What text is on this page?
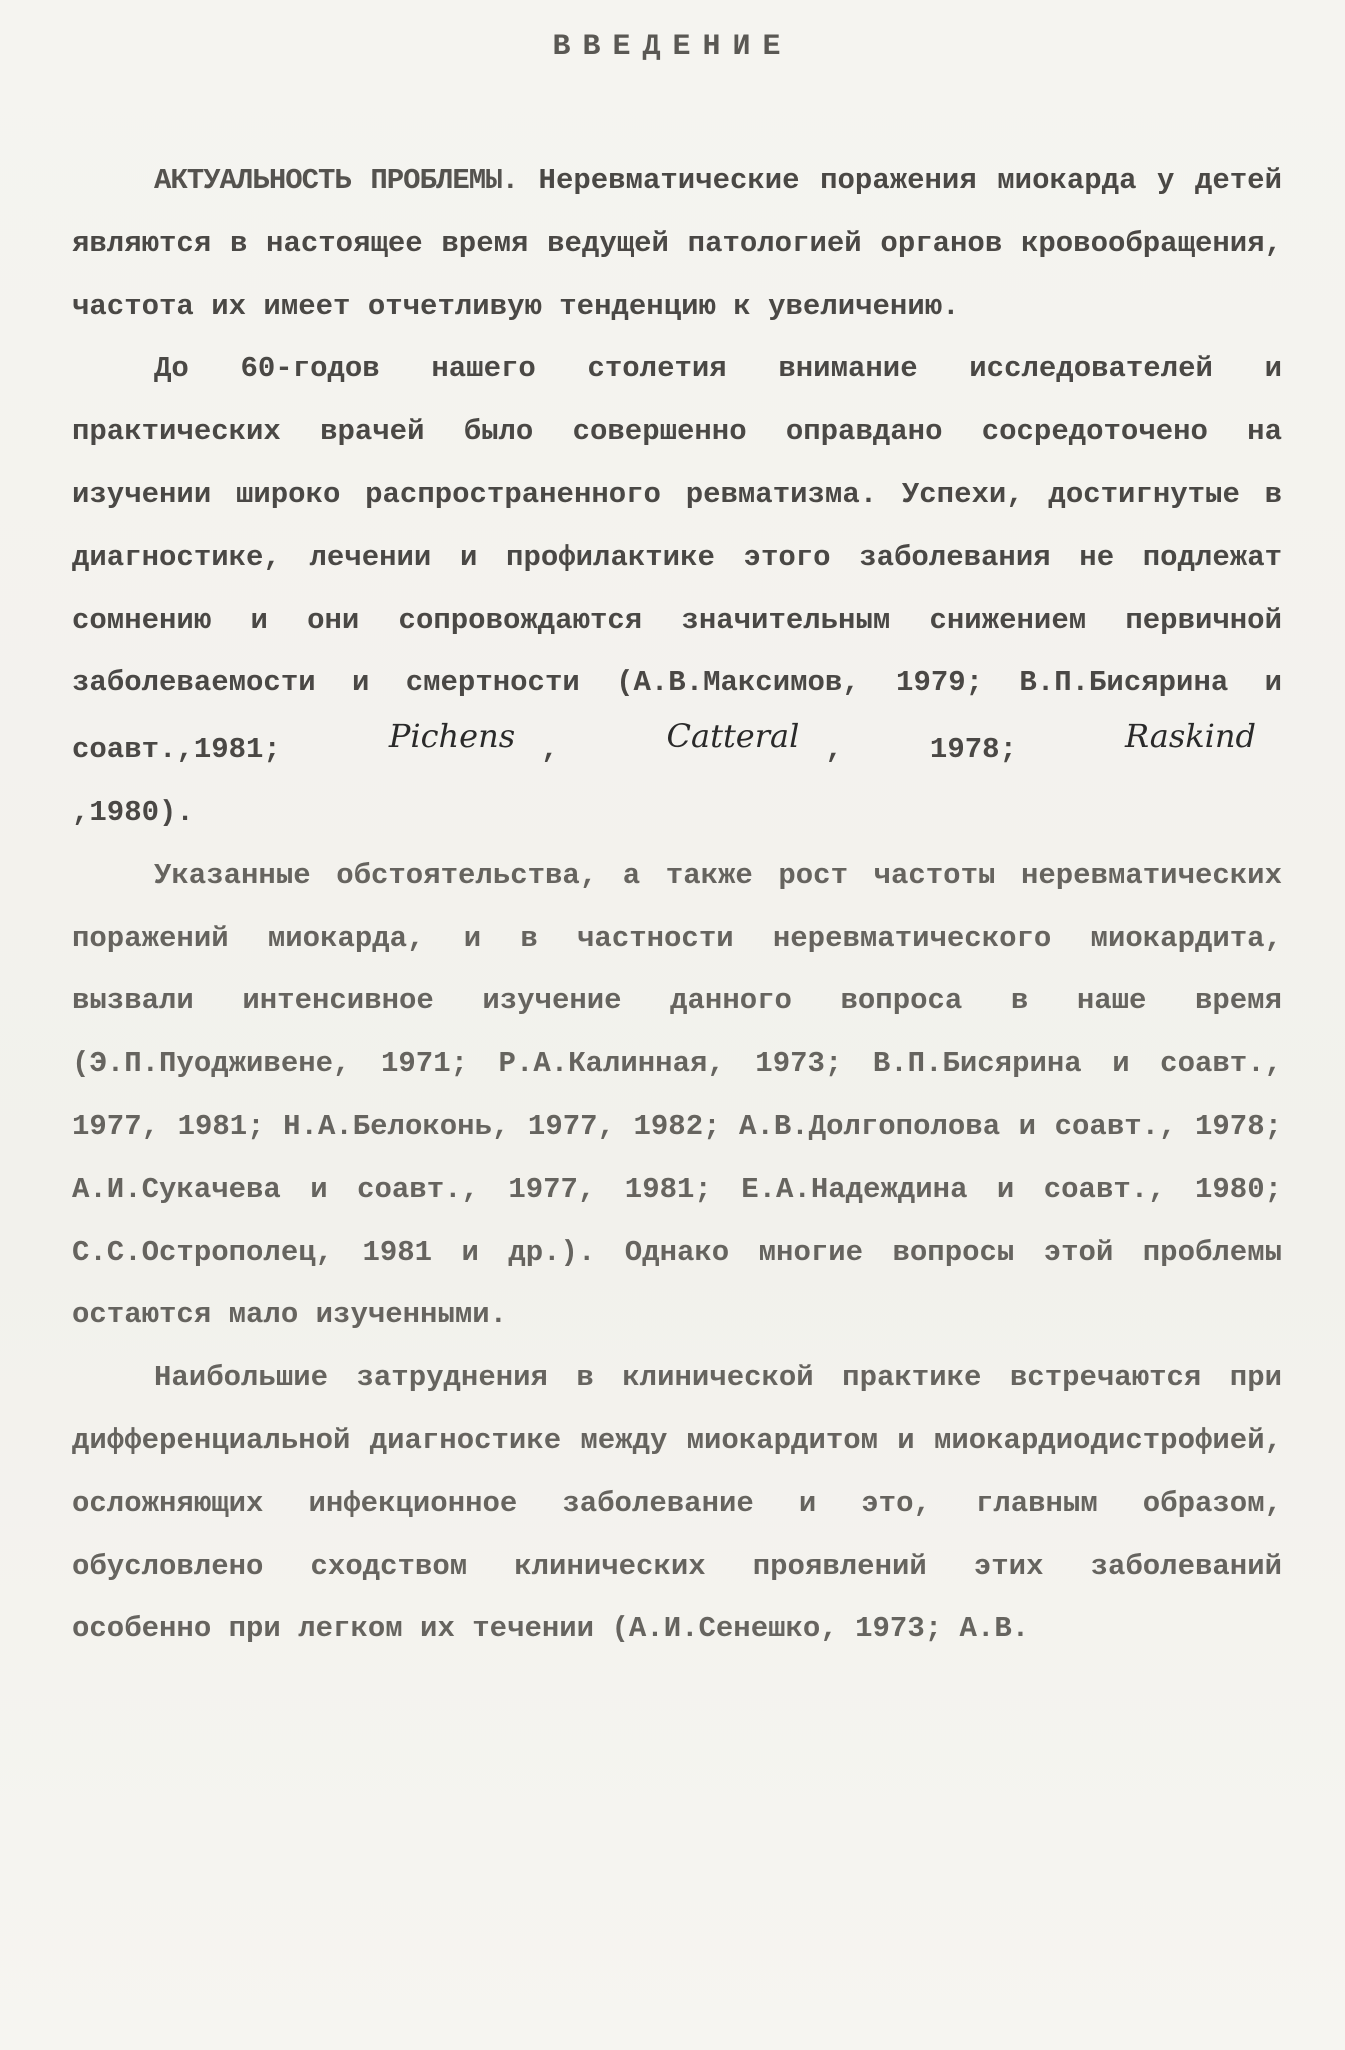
ВВЕДЕНИЕ

АКТУАЛЬНОСТЬ ПРОБЛЕМЫ. Неревматические поражения миокарда у детей являются в настоящее время ведущей патологией органов кровообращения, частота их имеет отчетливую тенденцию к увеличению.

До 60-годов нашего столетия внимание исследователей и практических врачей было совершенно оправдано сосредоточено на изучении широко распространенного ревматизма. Успехи, достигнутые в диагностике, лечении и профилактике этого заболевания не подлежат сомнению и они сопровождаются значительным снижением первичной заболеваемости и смертности (А.В.Максимов, 1979; В.П.Бисярина и соавт.,1981;	Pichens ,	Catteral , 1978;	Raskind,1980).

Указанные обстоятельства, а также рост частоты неревматических поражений миокарда, и в частности неревматического миокардита, вызвали интенсивное изучение данного вопроса в наше время (Э.П.Пуодживене, 1971; Р.А.Калинная, 1973; В.П.Бисярина и соавт., 1977, 1981; Н.А.Белоконь, 1977, 1982; А.В.Долгополова и соавт., 1978; А.И.Сукачева и соавт., 1977, 1981; Е.А.Надеждина и соавт., 1980; С.С.Острополец, 1981 и др.). Однако многие вопросы этой проблемы остаются мало изученными.

Наибольшие затруднения в клинической практике встречаются при дифференциальной диагностике между миокардитом и миокардиодистрофией, осложняющих инфекционное заболевание и это, главным образом, обусловлено сходством клинических проявлений этих заболеваний особенно при легком их течении (А.И.Сенешко, 1973; А.В.
